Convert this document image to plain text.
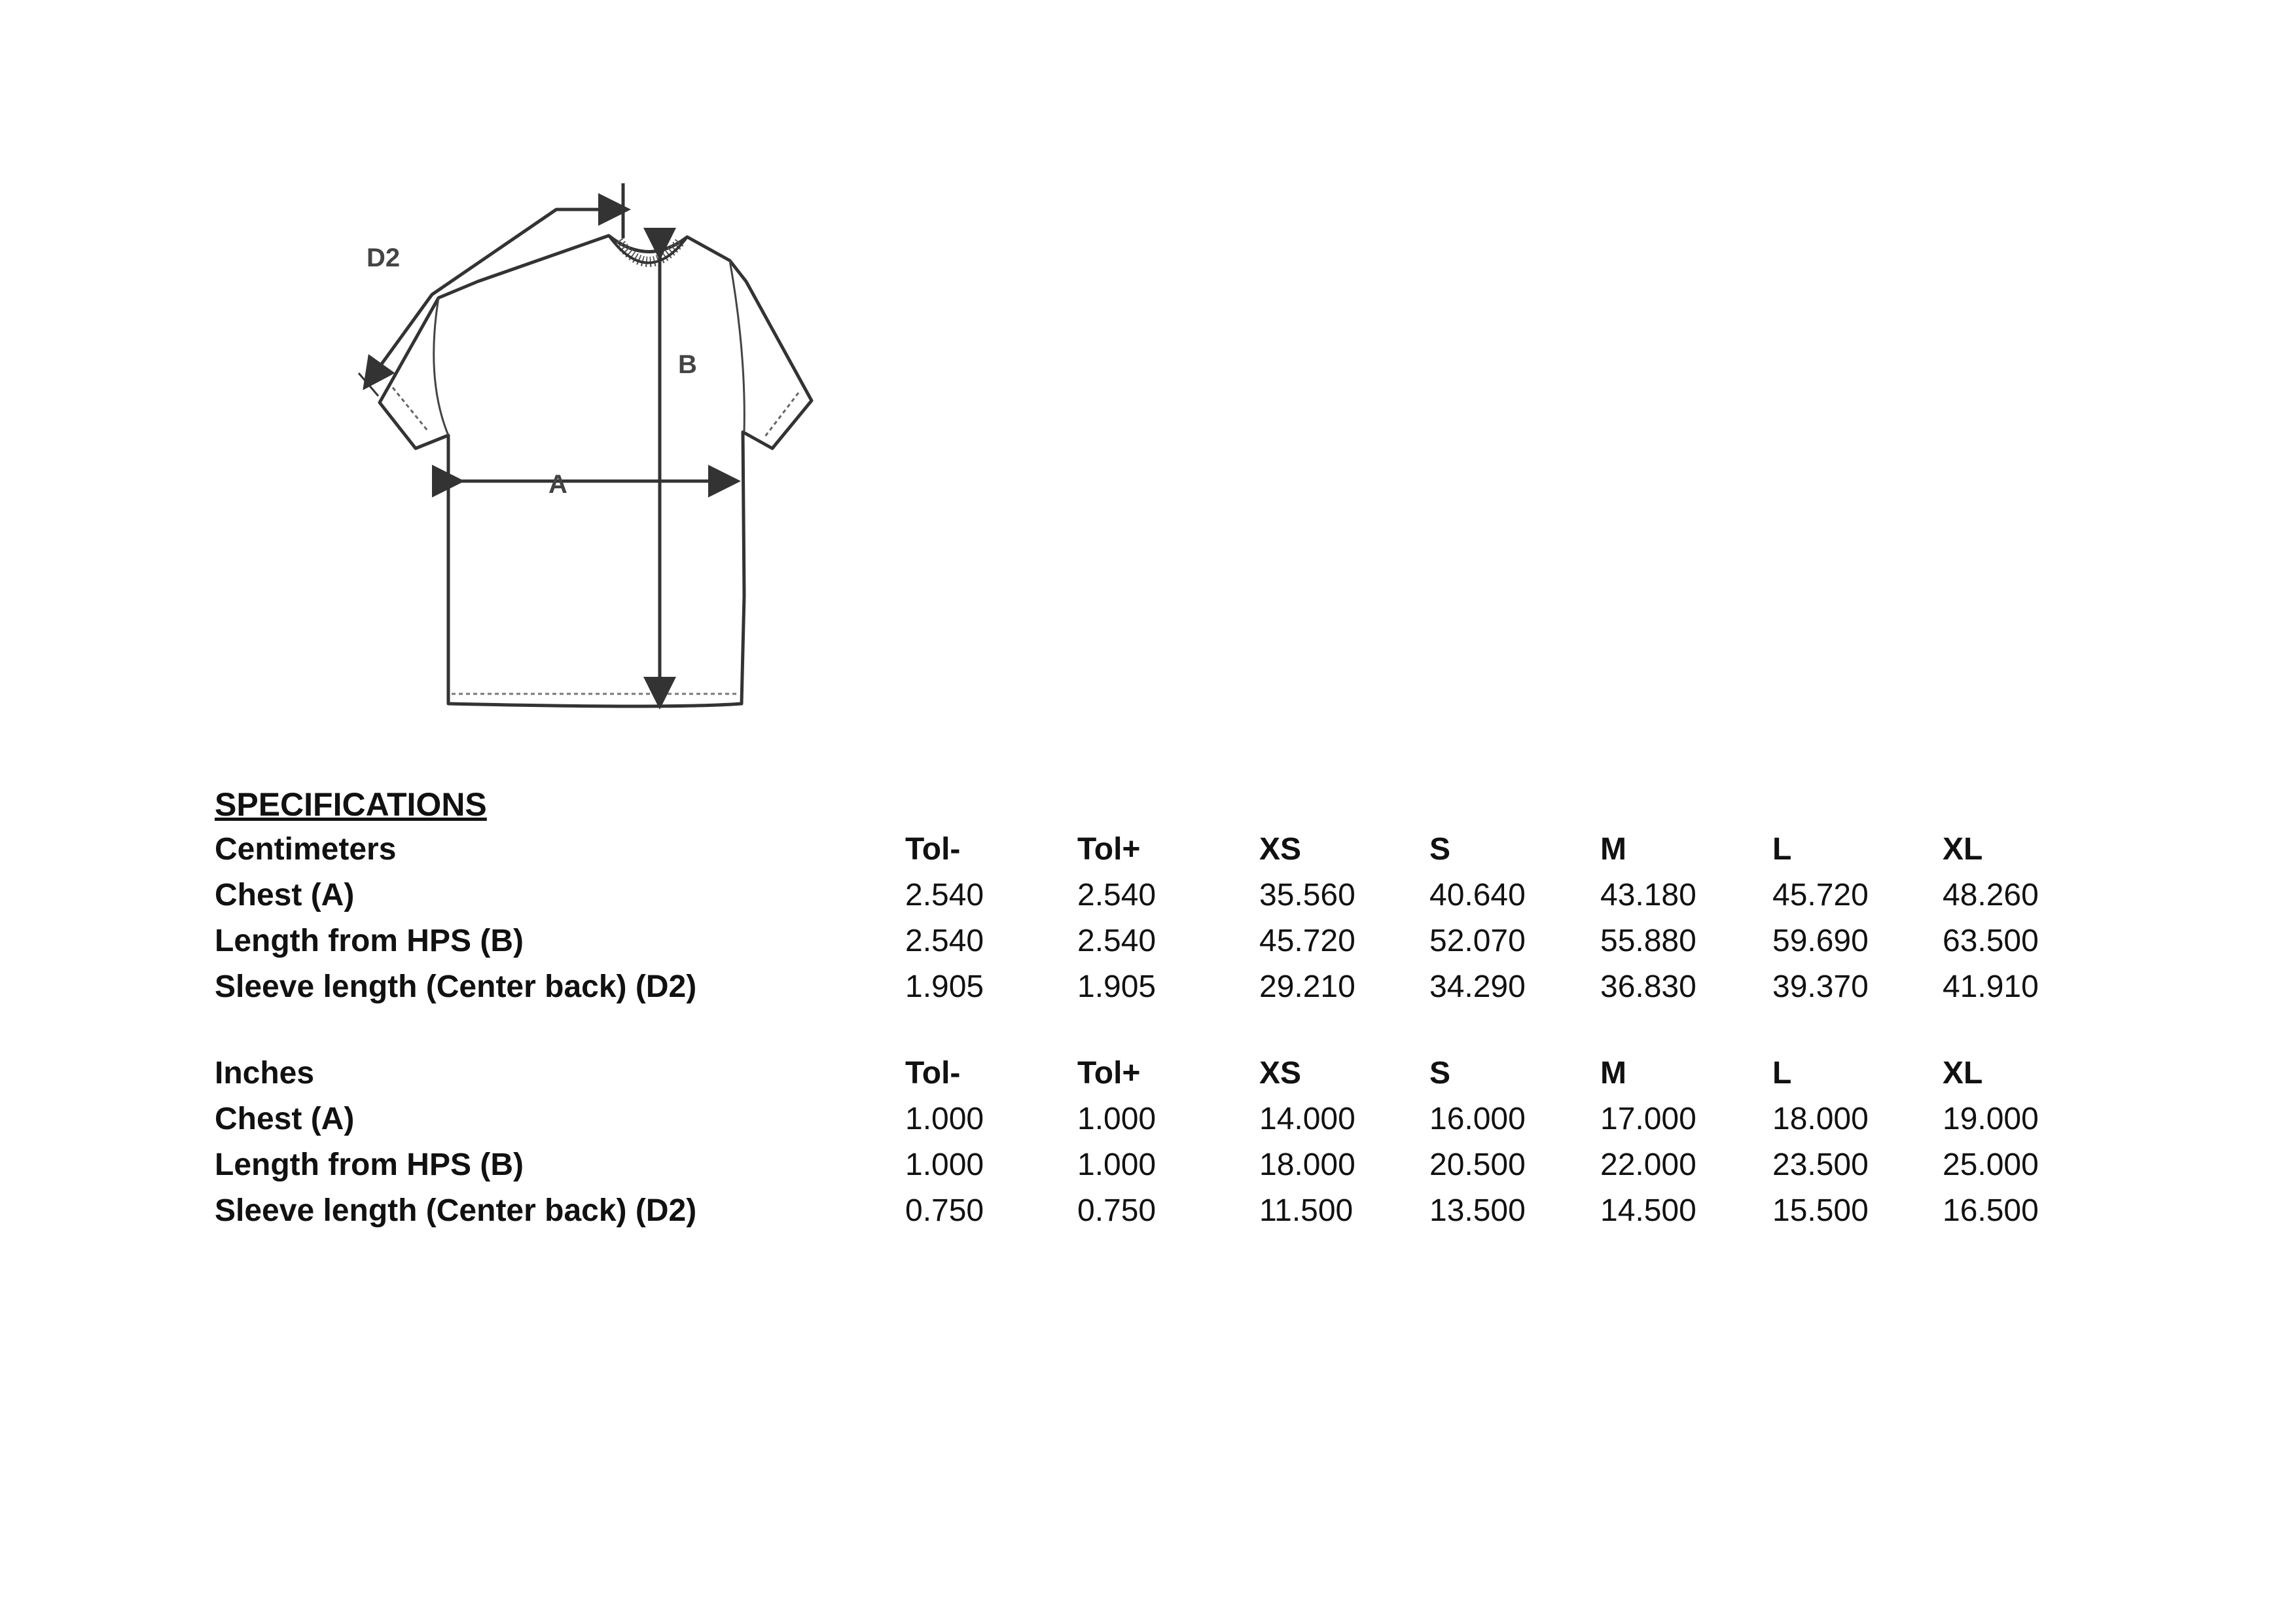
D2
A
B
SPECIFICATIONS
Centimeters	Tol-	Tol+	XS	S	M	L	XL
Chest (A)	2.540	2.540	35.560 40.640 43.180 45.720 48.260
Length from HPS (B)	2.540	2.540	45.720 52.070 55.880 59.690 63.500
Sleeve length (Center back) (D2)	1.905	1.905	29.210 34.290 36.830 39.370 41.910
Inches	Tol-	Tol+	XS	S	M	L	XL
Chest (A)	1.000	1.000	14.000 16.000 17.000 18.000 19.000
Length from HPS (B)	1.000	1.000	18.000 20.500 22.000 23.500 25.000
Sleeve length (Center back) (D2)	0.750	0.750	11.500 13.500 14.500 15.500 16.500
